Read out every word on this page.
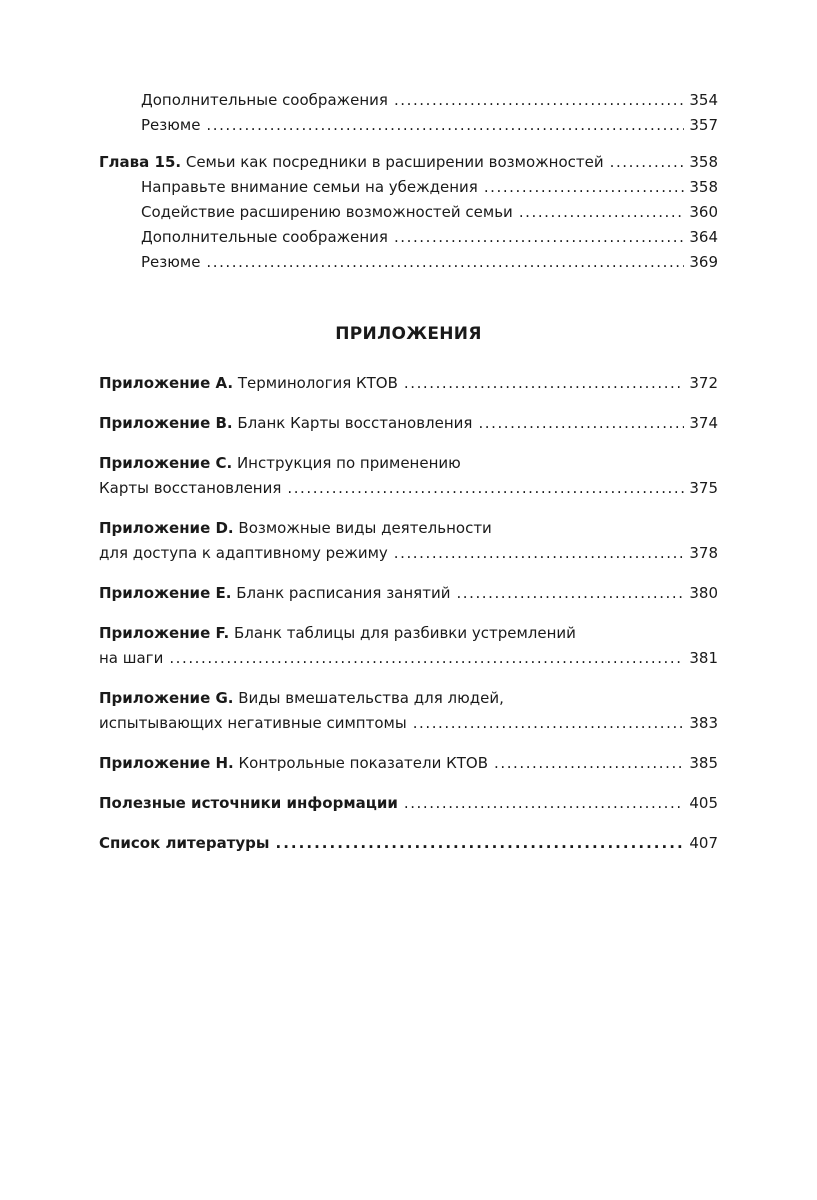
Дополнительные соображения . . .	354
Резюме . . .	357
Глава 15. Семьи как посредники в расширении возможностей . . .	358
Направьте внимание семьи на убеждения . . .	358
Содействие расширению возможностей семьи . . .	360
Дополнительные соображения . . .	364
Резюме . . .	369
ПРИЛОЖЕНИЯ
Приложение A. Терминология КТОВ . . .	372
Приложение B. Бланк Карты восстановления . . .	374
Приложение C. Инструкция по применению
Карты восстановления . . .	375
Приложение D. Возможные виды деятельности
для доступа к адаптивному режиму . . .	378
Приложение E. Бланк расписания занятий . . .	380
Приложение F. Бланк таблицы для разбивки устремлений
на шаги . . .	381
Приложение G. Виды вмешательства для людей,
испытывающих негативные симптомы . . .	383
Приложение H. Контрольные показатели КТОВ . . .	385
Полезные источники информации . . .	405
Список литературы . . .	407
